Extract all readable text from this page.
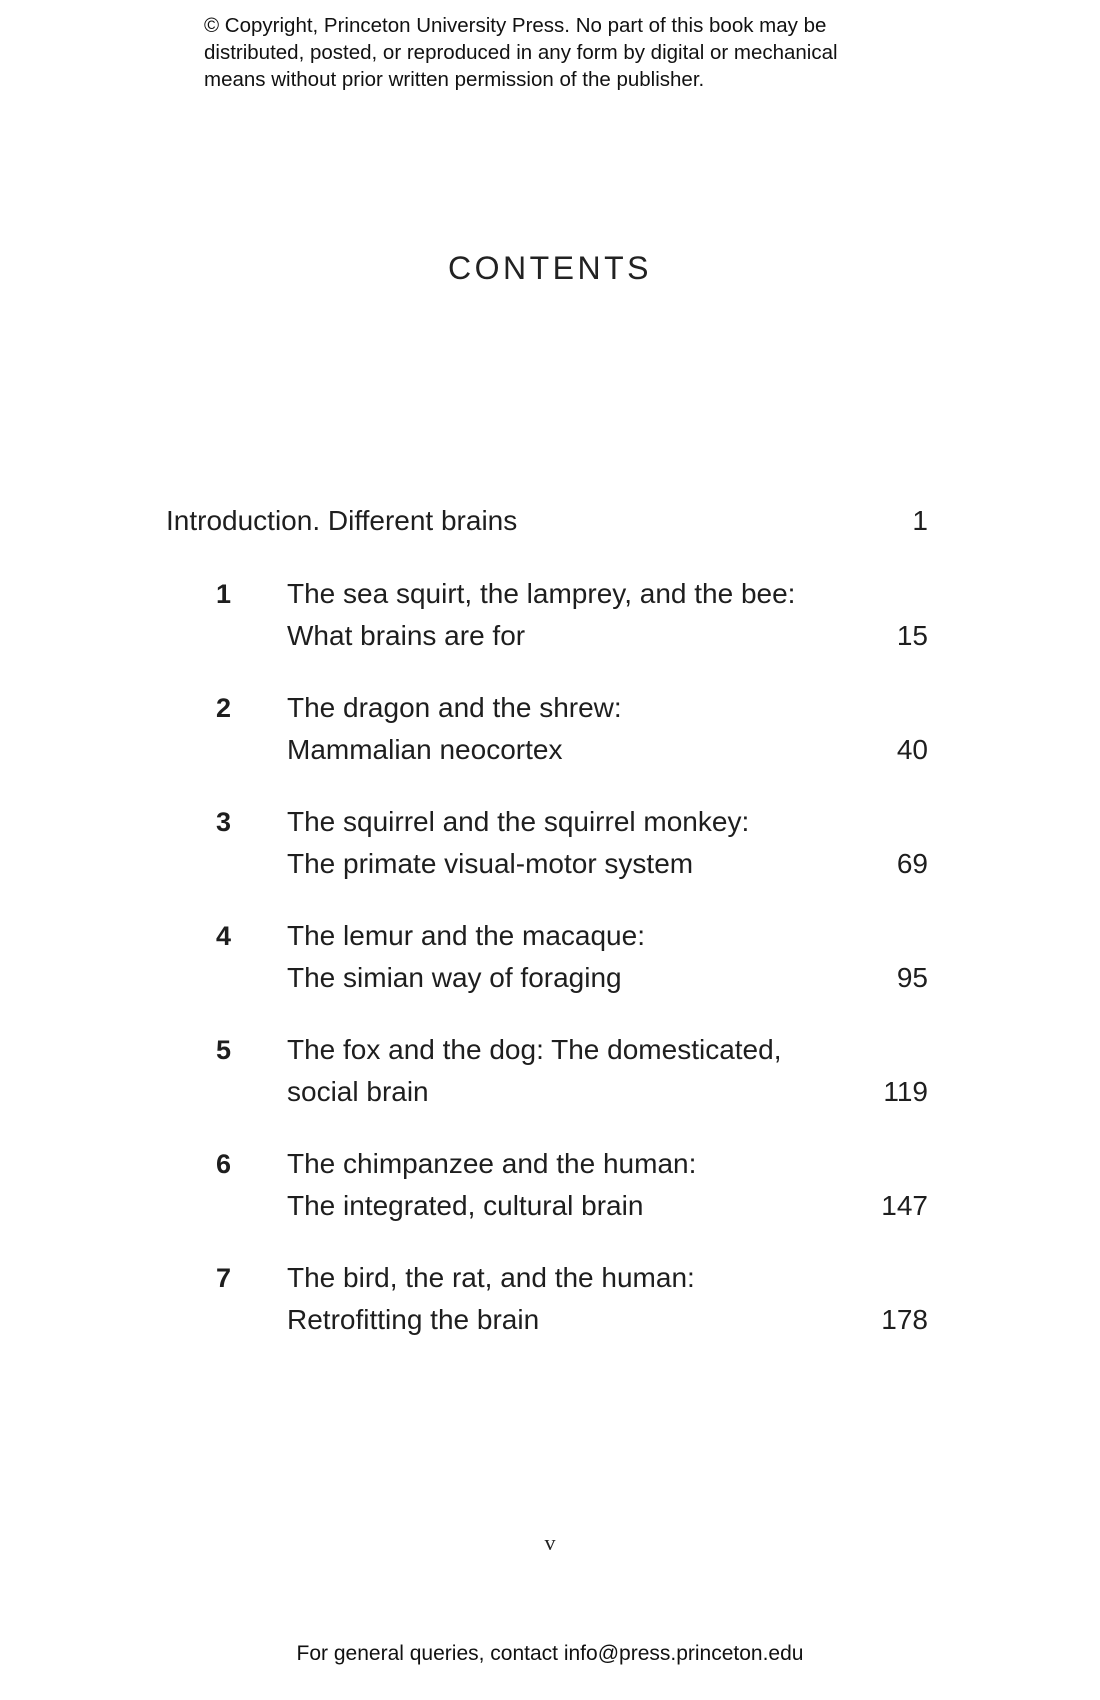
© Copyright, Princeton University Press. No part of this book may be
distributed, posted, or reproduced in any form by digital or mechanical
means without prior written permission of the publisher.
CONTENTS
Introduction. Different brains	1
1 The sea squirt, the lamprey, and the bee:
What brains are for	15
2 The dragon and the shrew:
Mammalian neocortex	40
3 The squirrel and the squirrel monkey:
The primate visual-motor system	69
4 The lemur and the macaque:
The simian way of foraging	95
5 The fox and the dog: The domesticated,
social brain	119
6 The chimpanzee and the human:
The integrated, cultural brain	147
7 The bird, the rat, and the human:
Retrofitting the brain	178
v
For general queries, contact info@press.princeton.edu
